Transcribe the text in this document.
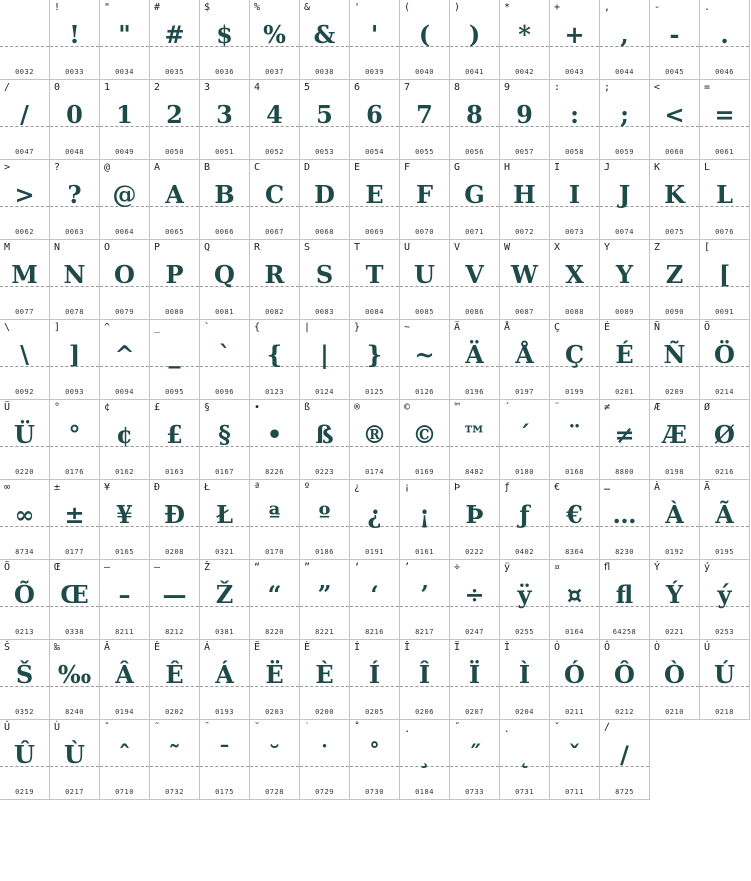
0032
!
!
0033
"
"
0034
#
#
0035
$
$
0036
%
%
0037
&
&
0038
'
'
0039
(
(
0040
)
)
0041
*
*
0042
+
+
0043
,
,
0044
-
-
0045
.
.
0046
/
/
0047
0
0
0048
1
1
0049
2
2
0050
3
3
0051
4
4
0052
5
5
0053
6
6
0054
7
7
0055
8
8
0056
9
9
0057
:
:
0058
;
;
0059
<
<
0060
=
=
0061
>
>
0062
?
?
0063
@
@
0064
A
A
0065
B
B
0066
C
C
0067
D
D
0068
E
E
0069
F
F
0070
G
G
0071
H
H
0072
I
I
0073
J
J
0074
K
K
0075
L
L
0076
M
M
0077
N
N
0078
O
O
0079
P
P
0080
Q
Q
0081
R
R
0082
S
S
0083
T
T
0084
U
U
0085
V
V
0086
W
W
0087
X
X
0088
Y
Y
0089
Z
Z
0090
[
[
0091
\
\
0092
]
]
0093
^
^
0094
_
_
0095
`
`
0096
{
{
0123
|
|
0124
}
}
0125
~
~
0126
Ä
Ä
0196
Å
Å
0197
Ç
Ç
0199
É
É
0201
Ñ
Ñ
0209
Ö
Ö
0214
Ü
Ü
0220
°
°
0176
¢
¢
0162
£
£
0163
§
§
0167
•
•
8226
ß
ß
0223
®
®
0174
©
©
0169
™
™
8482
´
´
0180
¨
¨
0168
≠
≠
8800
Æ
Æ
0198
Ø
Ø
0216
∞
∞
8734
±
±
0177
¥
¥
0165
Ð
Ð
0208
Ł
Ł
0321
ª
ª
0170
º
º
0186
¿
¿
0191
¡
¡
0161
Þ
Þ
0222
ƒ
ƒ
0402
€
€
8364
…
…
8230
À
À
0192
Ã
Ã
0195
Õ
Õ
0213
Œ
Œ
0338
–
–
8211
—
—
8212
Ž
Ž
0381
“
“
8220
”
”
8221
‘
‘
8216
’
’
8217
÷
÷
0247
ÿ
ÿ
0255
¤
¤
0164
ﬂ
ﬂ
64258
Ý
Ý
0221
ý
ý
0253
Š
Š
0352
‰
‰
8240
Â
Â
0194
Ê
Ê
0202
Á
Á
0193
Ë
Ë
0203
È
È
0200
Í
Í
0205
Î
Î
0206
Ï
Ï
0207
Ì
Ì
0204
Ó
Ó
0211
Ô
Ô
0212
Ò
Ò
0210
Ú
Ú
0218
Û
Û
0219
Ù
Ù
0217
ˆ
ˆ
0710
˜
˜
0732
¯
¯
0175
˘
˘
0728
˙
˙
0729
˚
˚
0730
¸
¸
0184
˝
˝
0733
˛
˛
0731
ˇ
ˇ
0711
∕
∕
8725
